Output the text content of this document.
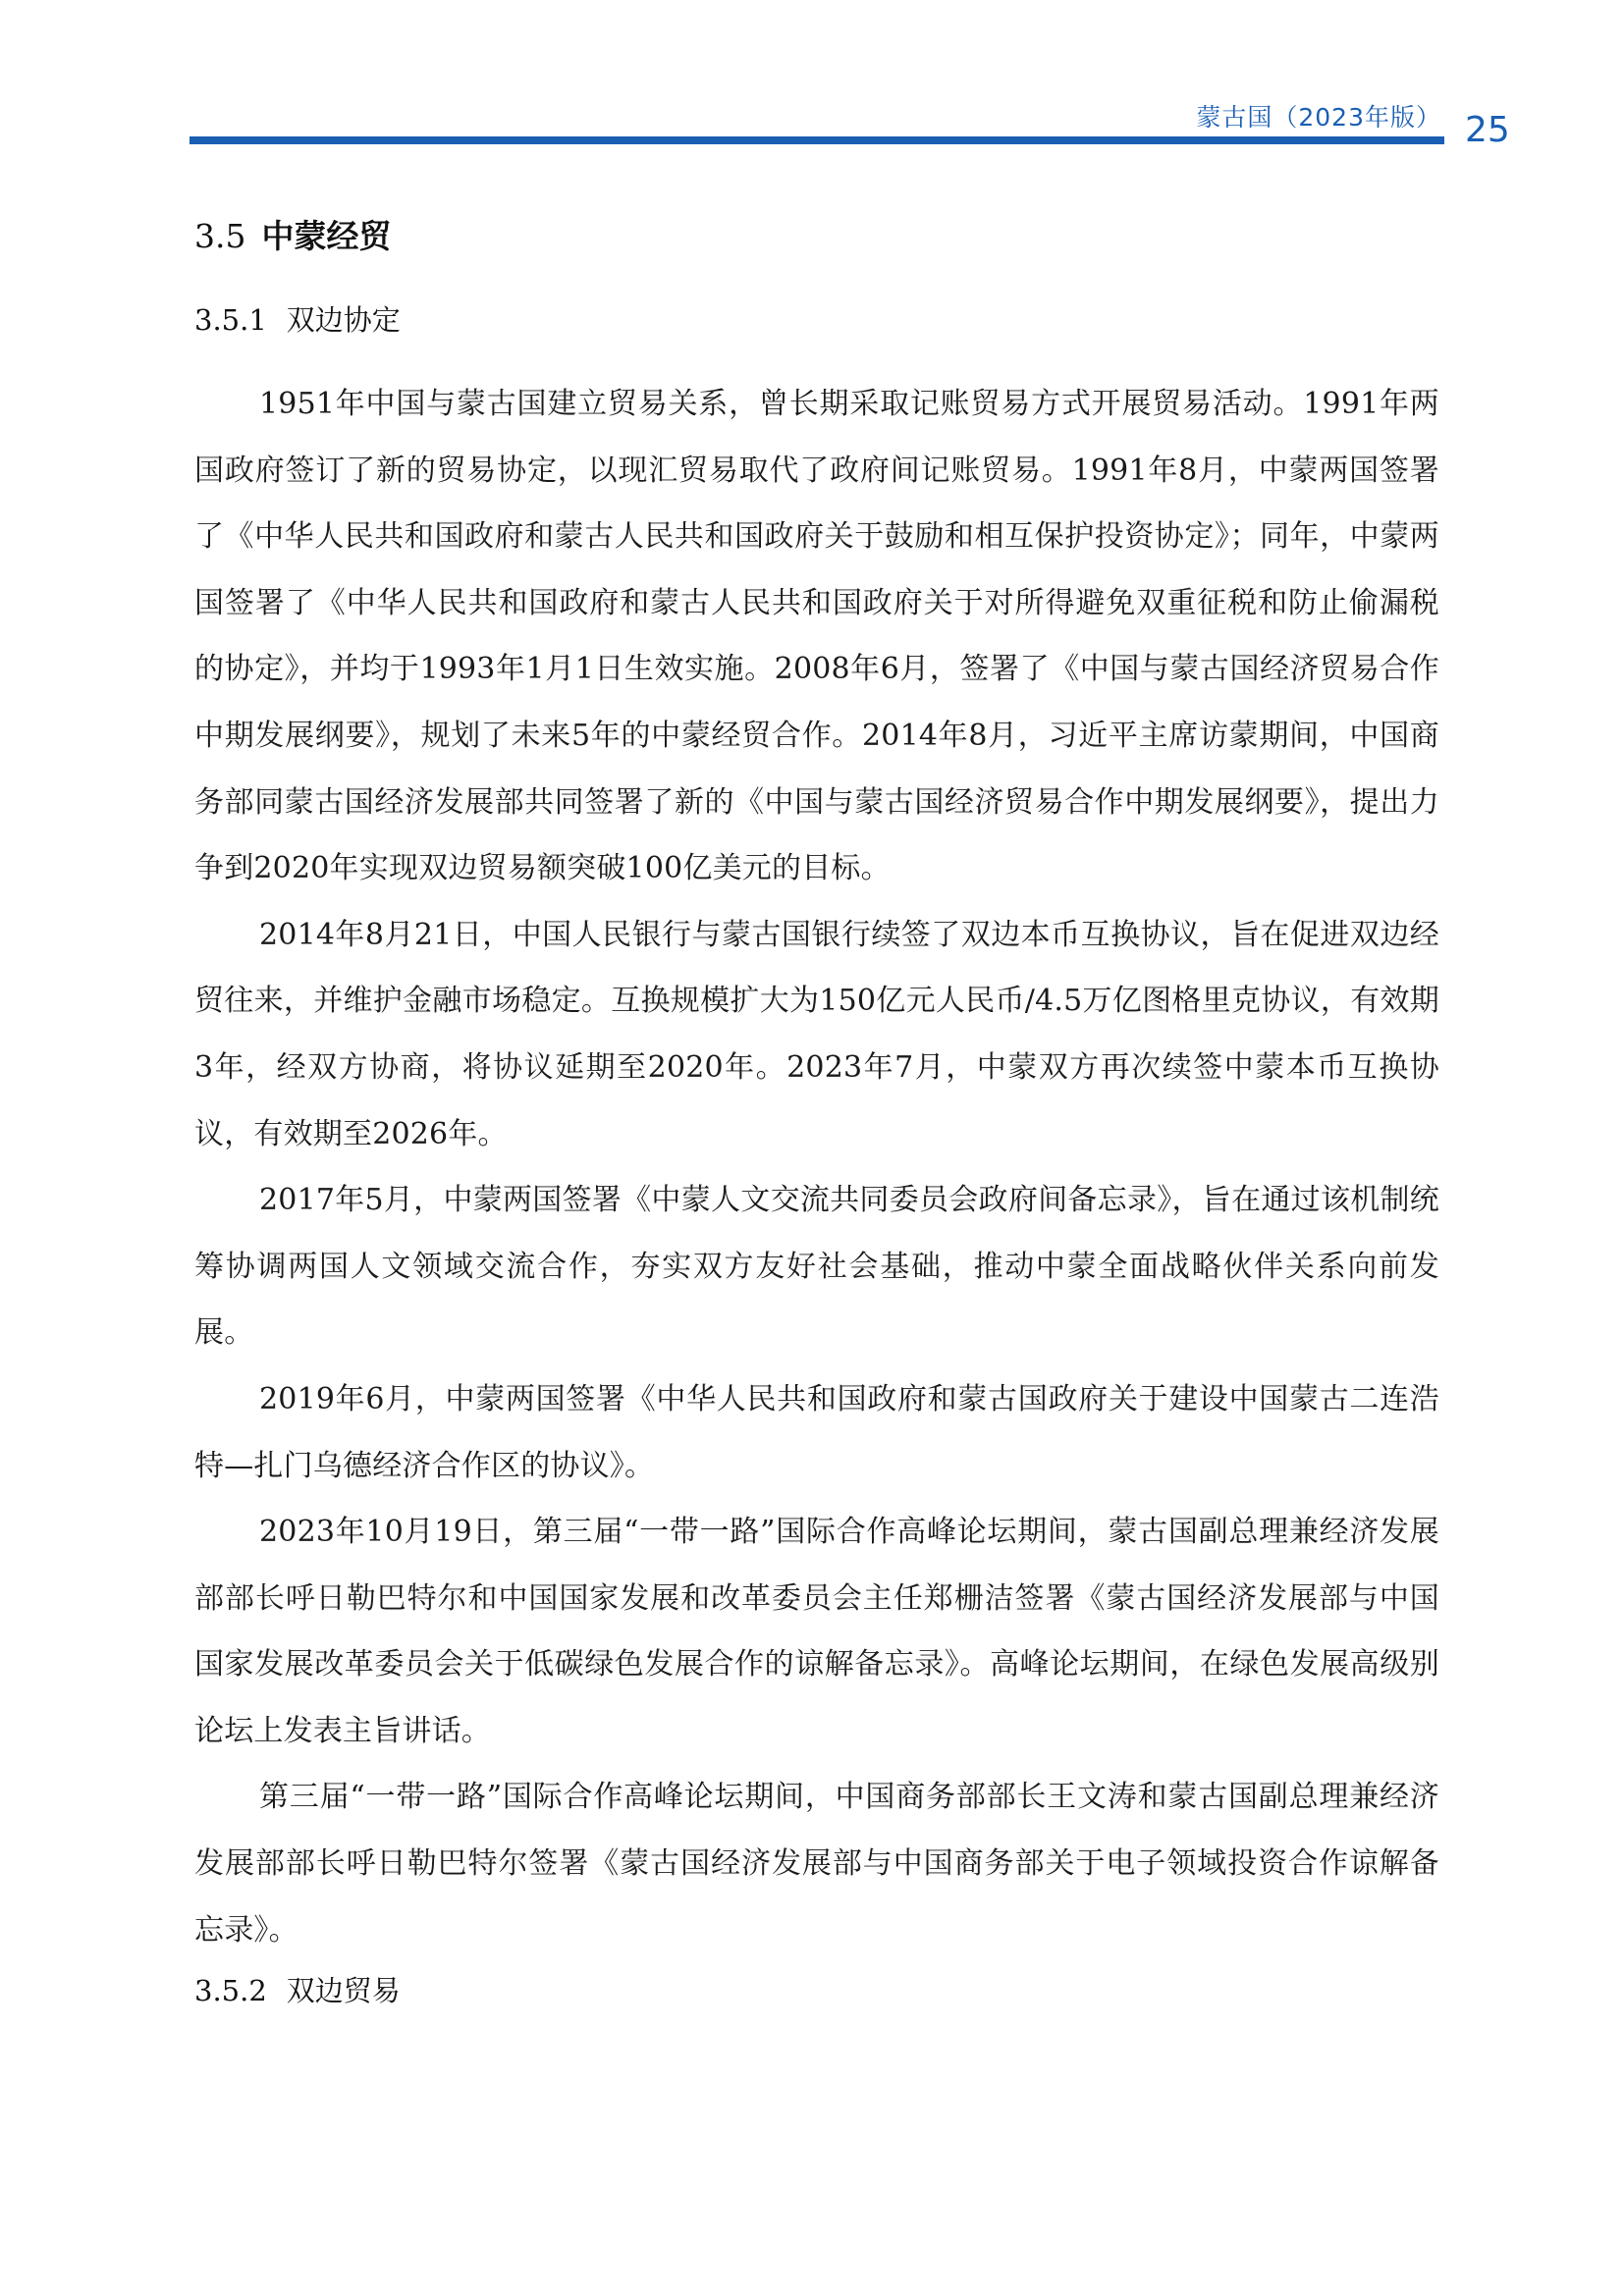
蒙古国（2023年版） 25
3.5 中蒙经贸
3.5.1 双边协定

1951年中国与蒙古国建立贸易关系，曾长期采取记账贸易方式开展贸易活动。1991年两国政府签订了新的贸易协定，以现汇贸易取代了政府间记账贸易。1991年8月，中蒙两国签署了《中华人民共和国政府和蒙古人民共和国政府关于鼓励和相互保护投资协定》；同年，中蒙两国签署了《中华人民共和国政府和蒙古人民共和国政府关于对所得避免双重征税和防止偷漏税的协定》，并均于1993年1月1日生效实施。2008年6月，签署了《中国与蒙古国经济贸易合作中期发展纲要》，规划了未来5年的中蒙经贸合作。2014年8月，习近平主席访蒙期间，中国商务部同蒙古国经济发展部共同签署了新的《中国与蒙古国经济贸易合作中期发展纲要》，提出力争到2020年实现双边贸易额突破100亿美元的目标。

2014年8月21日，中国人民银行与蒙古国银行续签了双边本币互换协议，旨在促进双边经贸往来，并维护金融市场稳定。互换规模扩大为150亿元人民币/4.5万亿图格里克协议，有效期3年，经双方协商，将协议延期至2020年。2023年7月，中蒙双方再次续签中蒙本币互换协议，有效期至2026年。

2017年5月，中蒙两国签署《中蒙人文交流共同委员会政府间备忘录》，旨在通过该机制统筹协调两国人文领域交流合作，夯实双方友好社会基础，推动中蒙全面战略伙伴关系向前发展。

2019年6月，中蒙两国签署《中华人民共和国政府和蒙古国政府关于建设中国蒙古二连浩特—扎门乌德经济合作区的协议》。

2023年10月19日，第三届“一带一路”国际合作高峰论坛期间，蒙古国副总理兼经济发展部部长呼日勒巴特尔和中国国家发展和改革委员会主任郑栅洁签署《蒙古国经济发展部与中国国家发展改革委员会关于低碳绿色发展合作的谅解备忘录》。高峰论坛期间，在绿色发展高级别论坛上发表主旨讲话。

第三届“一带一路”国际合作高峰论坛期间，中国商务部部长王文涛和蒙古国副总理兼经济发展部部长呼日勒巴特尔签署《蒙古国经济发展部与中国商务部关于电子领域投资合作谅解备忘录》。

3.5.2 双边贸易
